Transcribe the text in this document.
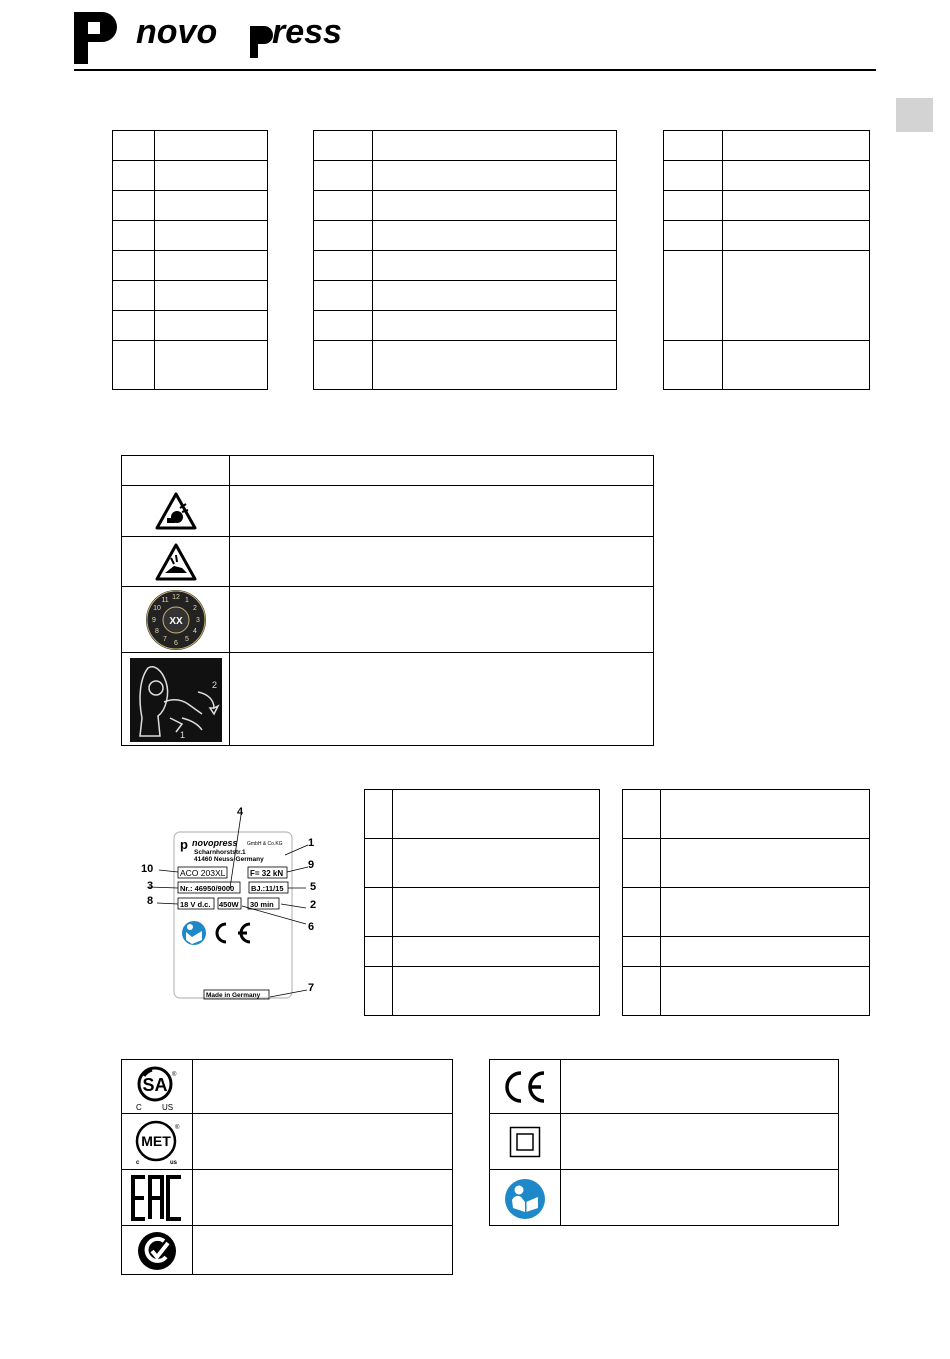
novo ress
12 1
2
3
4
5
6
7
8
9
10
11
XX
2
1
p novopress GmbH & Co.KG
Scharnhorststr.1
41460 Neuss-Germany
ACO 203XL	F= 32 kN
Nr.: 46950/9000 BJ.:11/15
18 V d.c. 450W 30 min
Made in Germany
1
2
3
4
5
6
7
8
9
10
SA ®
C	US
MET
®
c	us
